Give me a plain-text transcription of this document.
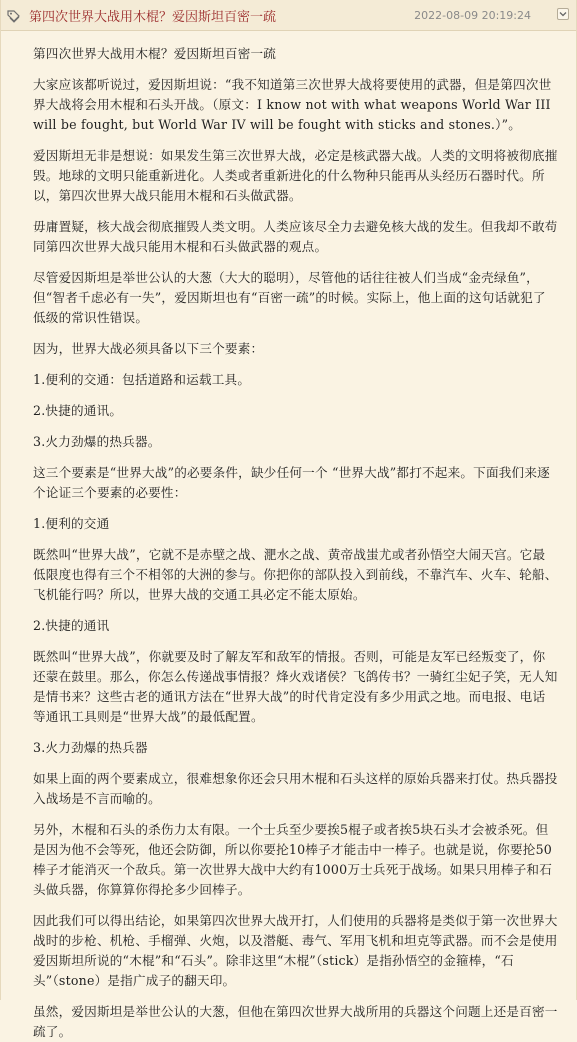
第四次世界大战用木棍？爱因斯坦百密一疏	2022-08-09 20:19:24

第四次世界大战用木棍？爱因斯坦百密一疏

大家应该都听说过，爱因斯坦说：“我不知道第三次世界大战将要使用的武器，但是第四次世界大战将会用木棍和石头开战。（原文：I know not with what weapons World War III will be fought, but World War IV will be fought with sticks and stones.）”。

爱因斯坦无非是想说：如果发生第三次世界大战，必定是核武器大战。人类的文明将被彻底摧毁。地球的文明只能重新进化。人类或者重新进化的什么物种只能再从头经历石器时代。所以，第四次世界大战只能用木棍和石头做武器。

毋庸置疑，核大战会彻底摧毁人类文明。人类应该尽全力去避免核大战的发生。但我却不敢苟同第四次世界大战只能用木棍和石头做武器的观点。

尽管爱因斯坦是举世公认的大葱（大大的聪明），尽管他的话往往被人们当成“金壳绿鱼”，但“智者千虑必有一失”，爱因斯坦也有“百密一疏”的时候。实际上，他上面的这句话就犯了低级的常识性错误。

因为，世界大战必须具备以下三个要素：

1.便利的交通：包括道路和运载工具。

2.快捷的通讯。

3.火力劲爆的热兵器。

这三个要素是“世界大战”的必要条件，缺少任何一个 “世界大战”都打不起来。下面我们来逐个论证三个要素的必要性：

1.便利的交通

既然叫“世界大战”，它就不是赤壁之战、淝水之战、黄帝战蚩尤或者孙悟空大闹天宫。它最低限度也得有三个不相邻的大洲的参与。你把你的部队投入到前线，不靠汽车、火车、轮船、飞机能行吗？所以，世界大战的交通工具必定不能太原始。

2.快捷的通讯

既然叫“世界大战”，你就要及时了解友军和敌军的情报。否则，可能是友军已经叛变了，你还蒙在鼓里。那么，你怎么传递战事情报？烽火戏诸侯？飞鸽传书？一骑红尘妃子笑，无人知是情书来？这些古老的通讯方法在“世界大战”的时代肯定没有多少用武之地。而电报、电话等通讯工具则是“世界大战”的最低配置。

3.火力劲爆的热兵器

如果上面的两个要素成立，很难想象你还会只用木棍和石头这样的原始兵器来打仗。热兵器投入战场是不言而喻的。

另外，木棍和石头的杀伤力太有限。一个士兵至少要挨5棍子或者挨5块石头才会被杀死。但是因为他不会等死，他还会防御，所以你要抡10棒子才能击中一棒子。也就是说，你要抡50棒子才能消灭一个敌兵。第一次世界大战中大约有1000万士兵死于战场。如果只用棒子和石头做兵器，你算算你得抡多少回棒子。

因此我们可以得出结论，如果第四次世界大战开打，人们使用的兵器将是类似于第一次世界大战时的步枪、机枪、手榴弹、火炮，以及潜艇、毒气、军用飞机和坦克等武器。而不会是使用爱因斯坦所说的“木棍”和“石头”。除非这里“木棍”（stick）是指孙悟空的金箍棒，“石头”（stone）是指广成子的翻天印。

虽然，爱因斯坦是举世公认的大葱，但他在第四次世界大战所用的兵器这个问题上还是百密一疏了。
